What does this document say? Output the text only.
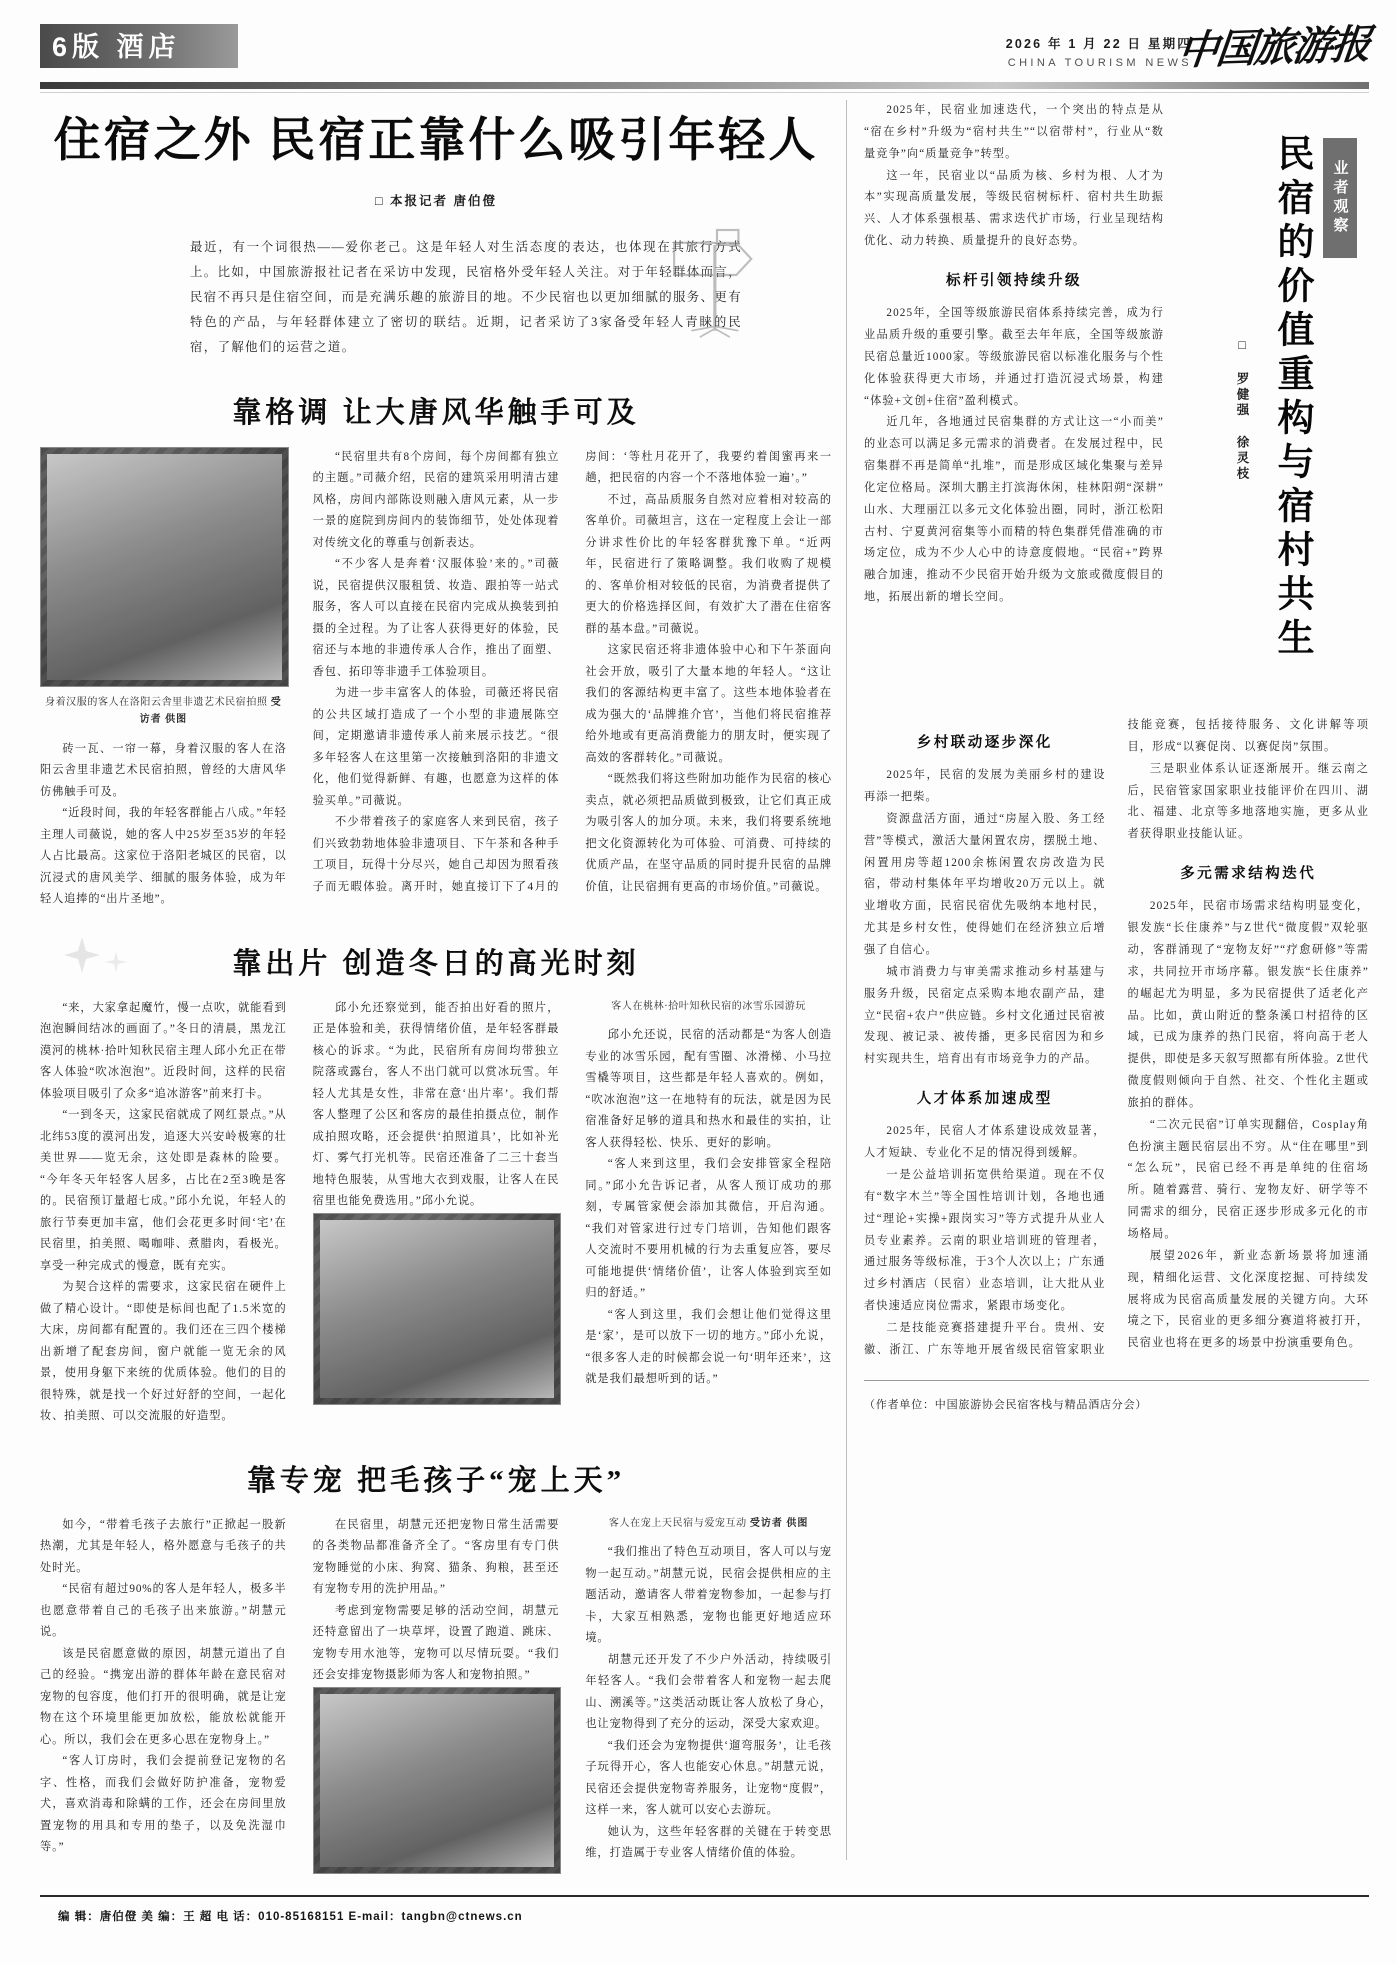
6版 酒店	2026 年 1 月 22 日 星期四
CHINA TOURISM NEWS
中国旅游报
住宿之外 民宿正靠什么吸引年轻人
□ 本报记者 唐伯僜
最近，有一个词很热——爱你老己。这是年轻人对生活态度的表达，也体现在其旅行方式上。比如，中国旅游报社记者在采访中发现，民宿格外受年轻人关注。对于年轻群体而言，民宿不再只是住宿空间，而是充满乐趣的旅游目的地。不少民宿也以更加细腻的服务、更有特色的产品，与年轻群体建立了密切的联结。近期，记者采访了3家备受年轻人青睐的民宿，了解他们的运营之道。
靠格调 让大唐风华触手可及
身着汉服的客人在洛阳云舎里非遗艺术民宿拍照 受访者 供图

砖一瓦、一帘一幕，身着汉服的客人在洛阳云舎里非遗艺术民宿拍照，曾经的大唐风华仿佛触手可及。

“近段时间，我的年轻客群能占八成。”年轻主理人司薇说，她的客人中25岁至35岁的年轻人占比最高。这家位于洛阳老城区的民宿，以沉浸式的唐风美学、细腻的服务体验，成为年轻人追捧的“出片圣地”。

“民宿里共有8个房间，每个房间都有独立的主题。”司薇介绍，民宿的建筑采用明清古建风格，房间内部陈设则融入唐风元素，从一步一景的庭院到房间内的装饰细节，处处体现着对传统文化的尊重与创新表达。

“不少客人是奔着‘汉服体验’来的。”司薇说，民宿提供汉服租赁、妆造、跟拍等一站式服务，客人可以直接在民宿内完成从换装到拍摄的全过程。为了让客人获得更好的体验，民宿还与本地的非遗传承人合作，推出了面塑、香包、拓印等非遗手工体验项目。

为进一步丰富客人的体验，司薇还将民宿的公共区域打造成了一个小型的非遗展陈空间，定期邀请非遗传承人前来展示技艺。“很多年轻客人在这里第一次接触到洛阳的非遗文化，他们觉得新鲜、有趣，也愿意为这样的体验买单。”司薇说。

不少带着孩子的家庭客人来到民宿，孩子们兴致勃勃地体验非遗项目、下午茶和各种手工项目，玩得十分尽兴，她自己却因为照看孩子而无暇体验。离开时，她直接订下了4月的房间：‘等杜月花开了，我要约着闺蜜再来一趟，把民宿的内容一个不落地体验一遍’。”

不过，高品质服务自然对应着相对较高的客单价。司薇坦言，这在一定程度上会让一部分讲求性价比的年轻客群犹豫下单。“近两年，民宿进行了策略调整。我们收购了规模的、客单价相对较低的民宿，为消费者提供了更大的价格选择区间，有效扩大了潜在住宿客群的基本盘。”司薇说。

这家民宿还将非遗体验中心和下午茶面向社会开放，吸引了大量本地的年轻人。“这让我们的客源结构更丰富了。这些本地体验者在成为强大的‘品牌推介官’，当他们将民宿推荐给外地或有更高消费能力的朋友时，便实现了高效的客群转化。”司薇说。

“既然我们将这些附加功能作为民宿的核心卖点，就必须把品质做到极致，让它们真正成为吸引客人的加分项。未来，我们将要系统地把文化资源转化为可体验、可消费、可持续的优质产品，在坚守品质的同时提升民宿的品牌价值，让民宿拥有更高的市场价值。”司薇说。

靠出片 创造冬日的高光时刻

“来，大家拿起魔竹，慢一点吹，就能看到泡泡瞬间结冰的画面了。”冬日的清晨，黑龙江漠河的桃林·拾叶知秋民宿主理人邱小允正在带客人体验“吹冰泡泡”。近段时间，这样的民宿体验项目吸引了众多“追冰游客”前来打卡。

“一到冬天，这家民宿就成了网红景点。”从北纬53度的漠河出发，追逐大兴安岭极寒的壮美世界——览无余，这处即是森林的险要。“今年冬天年轻客人居多，占比在2至3晚是客的。民宿预订量超七成。”邱小允说，年轻人的旅行节奏更加丰富，他们会花更多时间‘宅’在民宿里，拍美照、喝咖啡、煮腊肉，看极光。享受一种完成式的慢意，既有充实。

为契合这样的需要求，这家民宿在硬件上做了精心设计。“即使是标间也配了1.5米宽的大床，房间都有配置的。我们还在三四个楼梯出新增了配套房间，窗户就能一览无余的风景，使用身躯下来统的优质体验。他们的目的很特殊，就是找一个好过好舒的空间，一起化妆、拍美照、可以交流服的好造型。

邱小允还察觉到，能否拍出好看的照片，正是体验和美，获得情绪价值，是年轻客群最核心的诉求。“为此，民宿所有房间均带独立院落或露台，客人不出门就可以赏冰玩雪。年轻人尤其是女性，非常在意‘出片率’。我们帮客人整理了公区和客房的最佳拍摄点位，制作成拍照攻略，还会提供‘拍照道具’，比如补光灯、雾气打光机等。民宿还准备了二三十套当地特色服装，从雪地大衣到戏服，让客人在民宿里也能免费选用。”邱小允说。

客人在桃林·拾叶知秋民宿的冰雪乐园游玩

邱小允还说，民宿的活动都是“为客人创造专业的冰雪乐园，配有雪圈、冰滑梯、小马拉雪橇等项目，这些都是年轻人喜欢的。例如，“吹冰泡泡”这一在地特有的玩法，就是因为民宿准备好足够的道具和热水和最佳的实拍，让客人获得轻松、快乐、更好的影响。

“客人来到这里，我们会安排管家全程陪同。”邱小允告诉记者，从客人预订成功的那刻，专属管家便会添加其微信，开启沟通。“我们对管家进行过专门培训，告知他们跟客人交流时不要用机械的行为去重复应答，要尽可能地提供‘情绪价值’，让客人体验到宾至如归的舒适。”

“客人到这里，我们会想让他们觉得这里是‘家’，是可以放下一切的地方。”邱小允说，“很多客人走的时候都会说一句‘明年还来’，这就是我们最想听到的话。”

靠专宠 把毛孩子“宠上天”

如今，“带着毛孩子去旅行”正掀起一股新热潮，尤其是年轻人，格外愿意与毛孩子的共处时光。

“民宿有超过90%的客人是年轻人，极多半也愿意带着自己的毛孩子出来旅游。”胡慧元说。

该是民宿愿意做的原因，胡慧元道出了自己的经验。“携宠出游的群体年龄在意民宿对宠物的包容度，他们打开的很明确，就是让宠物在这个环境里能更加放松，能放松就能开心。所以，我们会在更多心思在宠物身上。”

“客人订房时，我们会提前登记宠物的名字、性格，而我们会做好防护准备，宠物爱犬，喜欢消毒和除螨的工作，还会在房间里放置宠物的用具和专用的垫子，以及免洗湿巾等。”

在民宿里，胡慧元还把宠物日常生活需要的各类物品都准备齐全了。“客房里有专门供宠物睡觉的小床、狗窝、猫条、狗粮，甚至还有宠物专用的洗护用品。”

考虑到宠物需要足够的活动空间，胡慧元还特意留出了一块草坪，设置了跑道、跳床、宠物专用水池等，宠物可以尽情玩耍。“我们还会安排宠物摄影师为客人和宠物拍照。”

客人在宠上天民宿与爱宠互动 受访者 供图

“我们推出了特色互动项目，客人可以与宠物一起互动。”胡慧元说，民宿会提供相应的主题活动，邀请客人带着宠物参加，一起参与打卡，大家互相熟悉，宠物也能更好地适应环境。

胡慧元还开发了不少户外活动，持续吸引年轻客人。“我们会带着客人和宠物一起去爬山、溯溪等。”这类活动既让客人放松了身心，也让宠物得到了充分的运动，深受大家欢迎。

“我们还会为宠物提供‘遛弯服务’，让毛孩子玩得开心，客人也能安心休息。”胡慧元说，民宿还会提供宠物寄养服务，让宠物“度假”，这样一来，客人就可以安心去游玩。

她认为，这些年轻客群的关键在于转变思维，打造属于专业客人情绪价值的体验。

业者观察
民宿的价值重构与宿村共生
□ 罗健强 徐灵枝

2025年，民宿业加速迭代，一个突出的特点是从“宿在乡村”升级为“宿村共生”“以宿带村”，行业从“数量竞争”向“质量竞争”转型。

这一年，民宿业以“品质为核、乡村为根、人才为本”实现高质量发展，等级民宿树标杆、宿村共生助振兴、人才体系强根基、需求迭代扩市场，行业呈现结构优化、动力转换、质量提升的良好态势。

标杆引领持续升级

2025年，全国等级旅游民宿体系持续完善，成为行业品质升级的重要引擎。截至去年年底，全国等级旅游民宿总量近1000家。等级旅游民宿以标准化服务与个性化体验获得更大市场，并通过打造沉浸式场景，构建“体验+文创+住宿”盈利模式。

近几年，各地通过民宿集群的方式让这一“小而美”的业态可以满足多元需求的消费者。在发展过程中，民宿集群不再是简单“扎堆”，而是形成区域化集聚与差异化定位格局。深圳大鹏主打滨海休闲，桂林阳朔“深耕”山水、大理丽江以多元文化体验出圈，同时，浙江松阳古村、宁夏黄河宿集等小而精的特色集群凭借准确的市场定位，成为不少人心中的诗意度假地。“民宿+”跨界融合加速，推动不少民宿开始升级为文旅或微度假目的地，拓展出新的增长空间。

乡村联动逐步深化

2025年，民宿的发展为美丽乡村的建设再添一把柴。

资源盘活方面，通过“房屋入股、务工经营”等模式，激活大量闲置农房，摆脱土地、闲置用房等超1200余栋闲置农房改造为民宿，带动村集体年平均增收20万元以上。就业增收方面，民宿民宿优先吸纳本地村民，尤其是乡村女性，使得她们在经济独立后增强了自信心。

城市消费力与审美需求推动乡村基建与服务升级，民宿定点采购本地农副产品，建立“民宿+农户”供应链。乡村文化通过民宿被发现、被记录、被传播，更多民宿因为和乡村实现共生，培育出有市场竞争力的产品。

人才体系加速成型

2025年，民宿人才体系建设成效显著，人才短缺、专业化不足的情况得到缓解。

一是公益培训拓宽供给渠道。现在不仅有“数字木兰”等全国性培训计划，各地也通过“理论+实操+跟岗实习”等方式提升从业人员专业素养。云南的职业培训班的管理者，通过服务等级标准，于3个人次以上；广东通过乡村酒店（民宿）业态培训，让大批从业者快速适应岗位需求，紧跟市场变化。

二是技能竞赛搭建提升平台。贵州、安徽、浙江、广东等地开展省级民宿管家职业技能竞赛，包括接待服务、文化讲解等项目，形成“以赛促岗、以赛促岗”氛围。

三是职业体系认证逐渐展开。继云南之后，民宿管家国家职业技能评价在四川、湖北、福建、北京等多地落地实施，更多从业者获得职业技能认证。

多元需求结构迭代

2025年，民宿市场需求结构明显变化，银发族“长住康养”与Z世代“微度假”双轮驱动，客群涌现了“宠物友好”“疗愈研修”等需求，共同拉开市场序幕。银发族“长住康养”的崛起尤为明显，多为民宿提供了适老化产品。比如，黄山附近的整条溪口村招待的区域，已成为康养的热门民宿，将向高于老人提供，即使是多天叙写照都有所体验。Z世代微度假则倾向于自然、社交、个性化主题或旅拍的群体。

“二次元民宿”订单实现翻倍，Cosplay角色扮演主题民宿层出不穷。从“住在哪里”到“怎么玩”，民宿已经不再是单纯的住宿场所。随着露营、骑行、宠物友好、研学等不同需求的细分，民宿正逐步形成多元化的市场格局。

展望2026年，新业态新场景将加速涌现，精细化运营、文化深度挖掘、可持续发展将成为民宿高质量发展的关键方向。大环境之下，民宿业的更多细分赛道将被打开，民宿业也将在更多的场景中扮演重要角色。

（作者单位：中国旅游协会民宿客栈与精品酒店分会）
编 辑：唐伯僜 美 编：王 超 电 话：010-85168151 E-mail：tangbn@ctnews.cn
